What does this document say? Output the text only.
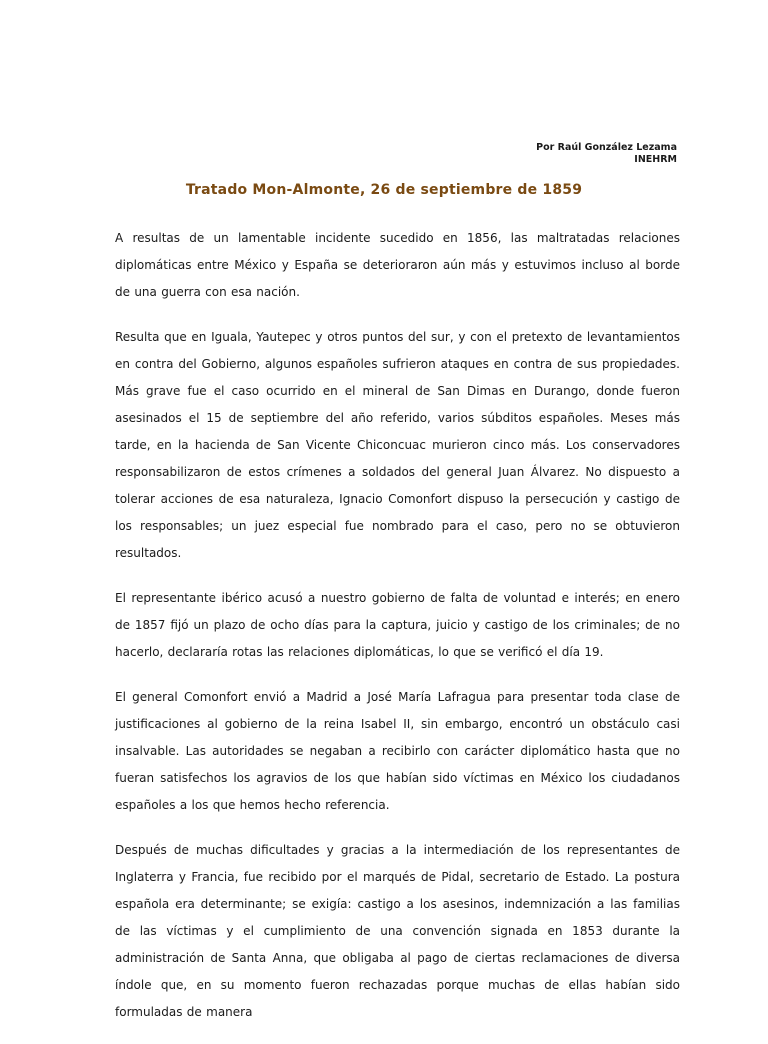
Por Raúl González Lezama
INEHRM
Tratado Mon-Almonte, 26 de septiembre de 1859

A resultas de un lamentable incidente sucedido en 1856, las maltratadas relaciones diplomáticas entre México y España se deterioraron aún más y estuvimos incluso al borde de una guerra con esa nación.

Resulta que en Iguala, Yautepec y otros puntos del sur, y con el pretexto de levantamientos en contra del Gobierno, algunos españoles sufrieron ataques en contra de sus propiedades. Más grave fue el caso ocurrido en el mineral de San Dimas en Durango, donde fueron asesinados el 15 de septiembre del año referido, varios súbditos españoles. Meses más tarde, en la hacienda de San Vicente Chiconcuac murieron cinco más. Los conservadores responsabilizaron de estos crímenes a soldados del general Juan Álvarez. No dispuesto a tolerar acciones de esa naturaleza, Ignacio Comonfort dispuso la persecución y castigo de los responsables; un juez especial fue nombrado para el caso, pero no se obtuvieron resultados.

El representante ibérico acusó a nuestro gobierno de falta de voluntad e interés; en enero de 1857 fijó un plazo de ocho días para la captura, juicio y castigo de los criminales; de no hacerlo, declararía rotas las relaciones diplomáticas, lo que se verificó el día 19.

El general Comonfort envió a Madrid a José María Lafragua para presentar toda clase de justificaciones al gobierno de la reina Isabel II, sin embargo, encontró un obstáculo casi insalvable. Las autoridades se negaban a recibirlo con carácter diplomático hasta que no fueran satisfechos los agravios de los que habían sido víctimas en México los ciudadanos españoles a los que hemos hecho referencia.

Después de muchas dificultades y gracias a la intermediación de los representantes de Inglaterra y Francia, fue recibido por el marqués de Pidal, secretario de Estado. La postura española era determinante; se exigía: castigo a los asesinos, indemnización a las familias de las víctimas y el cumplimiento de una convención signada en 1853 durante la administración de Santa Anna, que obligaba al pago de ciertas reclamaciones de diversa índole que, en su momento fueron rechazadas porque muchas de ellas habían sido formuladas de manera
